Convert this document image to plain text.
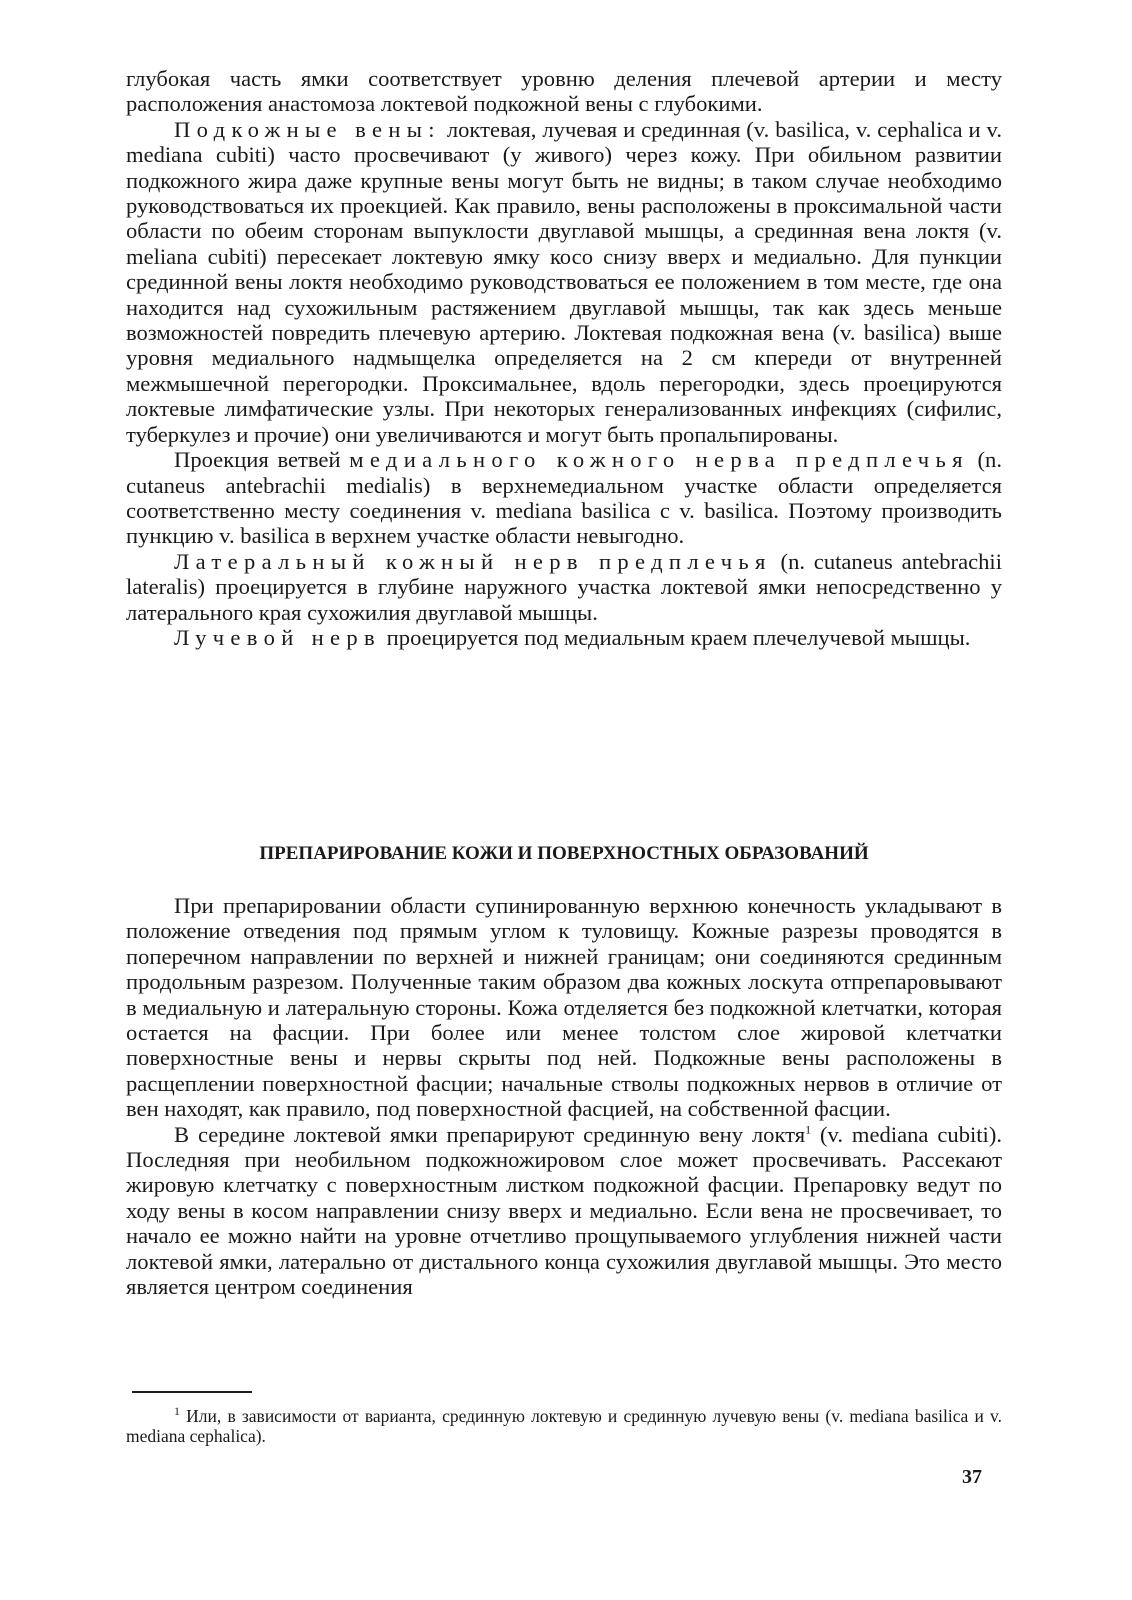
глубокая часть ямки соответствует уровню деления плечевой артерии и месту расположения анастомоза локтевой подкожной вены с глубокими.

Подкожные вены: локтевая, лучевая и срединная (v. basilica, v. cephalica и v. mediana cubiti) часто просвечивают (у живого) через кожу. При обильном развитии подкожного жира даже крупные вены могут быть не видны; в таком случае необходимо руководствоваться их проекцией. Как правило, вены расположены в проксимальной части области по обеим сторонам выпуклости двуглавой мышцы, а срединная вена локтя (v. meliana cubiti) пересекает локтевую ямку косо снизу вверх и медиально. Для пункции срединной вены локтя необходимо руководствоваться ее положением в том месте, где она находится над сухожильным растяжением двуглавой мышцы, так как здесь меньше возможностей повредить плечевую артерию. Локтевая подкожная вена (v. basilica) выше уровня медиального надмыщелка определяется на 2 см кпереди от внутренней межмышечной перегородки. Проксимальнее, вдоль перегородки, здесь проецируются локтевые лимфатические узлы. При некоторых генерализованных инфекциях (сифилис, туберкулез и прочие) они увеличиваются и могут быть пропальпированы.

Проекция ветвей медиального кожного нерва предплечья (n. cutaneus antebrachii medialis) в верхнемедиальном участке области определяется соответственно месту соединения v. mediana basilica с v. basilica. Поэтому производить пункцию v. basilica в верхнем участке области невыгодно.

Латеральный кожный нерв предплечья (n. cutaneus antebrachii lateralis) проецируется в глубине наружного участка локтевой ямки непосредственно у латерального края сухожилия двуглавой мышцы.

Лучевой нерв проецируется под медиальным краем плечелучевой мышцы.

ПРЕПАРИРОВАНИЕ КОЖИ И ПОВЕРХНОСТНЫХ ОБРАЗОВАНИЙ

При препарировании области супинированную верхнюю конечность укладывают в положение отведения под прямым углом к туловищу. Кожные разрезы проводятся в поперечном направлении по верхней и нижней границам; они соединяются срединным продольным разрезом. Полученные таким образом два кожных лоскута отпрепаровывают в медиальную и латеральную стороны. Кожа отделяется без подкожной клетчатки, которая остается на фасции. При более или менее толстом слое жировой клетчатки поверхностные вены и нервы скрыты под ней. Подкожные вены расположены в расщеплении поверхностной фасции; начальные стволы подкожных нервов в отличие от вен находят, как правило, под поверхностной фасцией, на собственной фасции.

В середине локтевой ямки препарируют срединную вену локтя$^1$ (v. mediana cubiti). Последняя при необильном подкожножировом слое может просвечивать. Рассекают жировую клетчатку с поверхностным листком подкожной фасции. Препаровку ведут по ходу вены в косом направлении снизу вверх и медиально. Если вена не просвечивает, то начало ее можно найти на уровне отчетливо прощупываемого углубления нижней части локтевой ямки, латерально от дистального конца сухожилия двуглавой мышцы. Это место является центром соединения

$^1$ Или, в зависимости от варианта, срединную локтевую и срединную лучевую вены (v. mediana basilica и v. mediana cephalica).
37
